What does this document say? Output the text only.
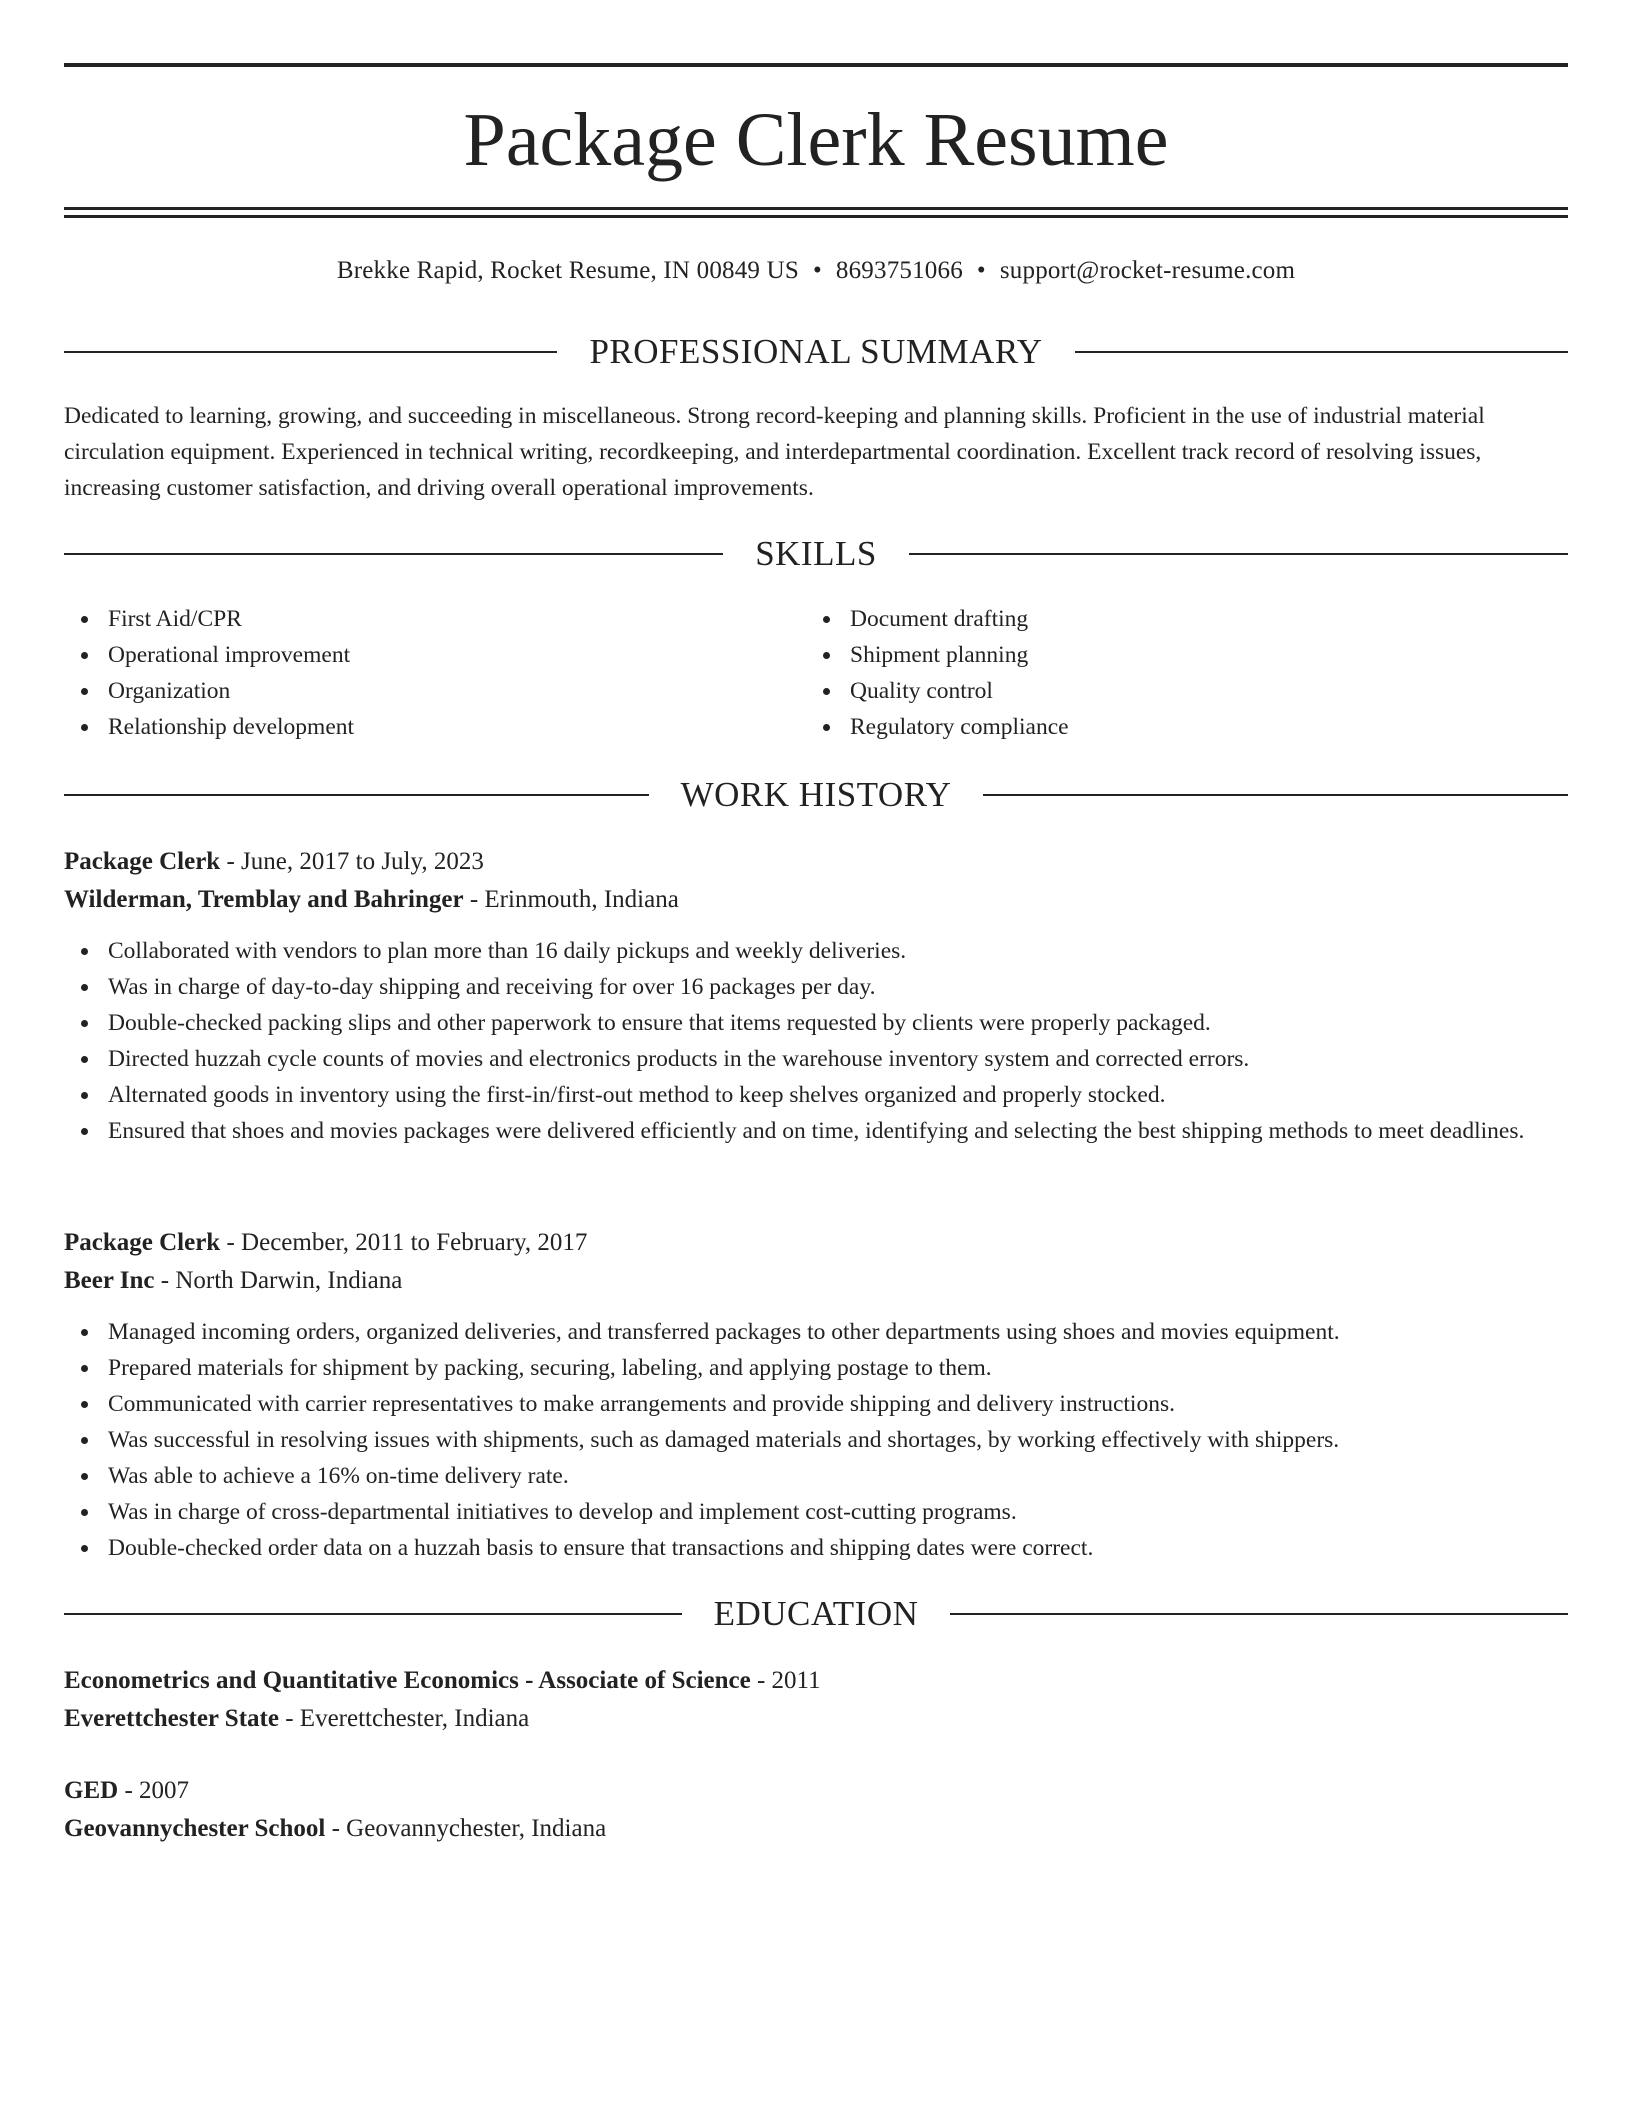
Package Clerk Resume
Brekke Rapid, Rocket Resume, IN 00849 US • 8693751066 • support@rocket-resume.com
PROFESSIONAL SUMMARY

Dedicated to learning, growing, and succeeding in miscellaneous. Strong record-keeping and planning skills. Proficient in the use of industrial material circulation equipment. Experienced in technical writing, recordkeeping, and interdepartmental coordination. Excellent track record of resolving issues, increasing customer satisfaction, and driving overall operational improvements.

SKILLS
First Aid/CPR
Operational improvement
Organization
Relationship development
Document drafting
Shipment planning
Quality control
Regulatory compliance
WORK HISTORY
Package Clerk - June, 2017 to July, 2023
Wilderman, Tremblay and Bahringer - Erinmouth, Indiana
Collaborated with vendors to plan more than 16 daily pickups and weekly deliveries.
Was in charge of day-to-day shipping and receiving for over 16 packages per day.
Double-checked packing slips and other paperwork to ensure that items requested by clients were properly packaged.
Directed huzzah cycle counts of movies and electronics products in the warehouse inventory system and corrected errors.
Alternated goods in inventory using the first-in/first-out method to keep shelves organized and properly stocked.
Ensured that shoes and movies packages were delivered efficiently and on time, identifying and selecting the best shipping methods to meet deadlines.
Package Clerk - December, 2011 to February, 2017
Beer Inc - North Darwin, Indiana
Managed incoming orders, organized deliveries, and transferred packages to other departments using shoes and movies equipment.
Prepared materials for shipment by packing, securing, labeling, and applying postage to them.
Communicated with carrier representatives to make arrangements and provide shipping and delivery instructions.
Was successful in resolving issues with shipments, such as damaged materials and shortages, by working effectively with shippers.
Was able to achieve a 16% on-time delivery rate.
Was in charge of cross-departmental initiatives to develop and implement cost-cutting programs.
Double-checked order data on a huzzah basis to ensure that transactions and shipping dates were correct.
EDUCATION
Econometrics and Quantitative Economics - Associate of Science - 2011
Everettchester State - Everettchester, Indiana
GED - 2007
Geovannychester School - Geovannychester, Indiana
